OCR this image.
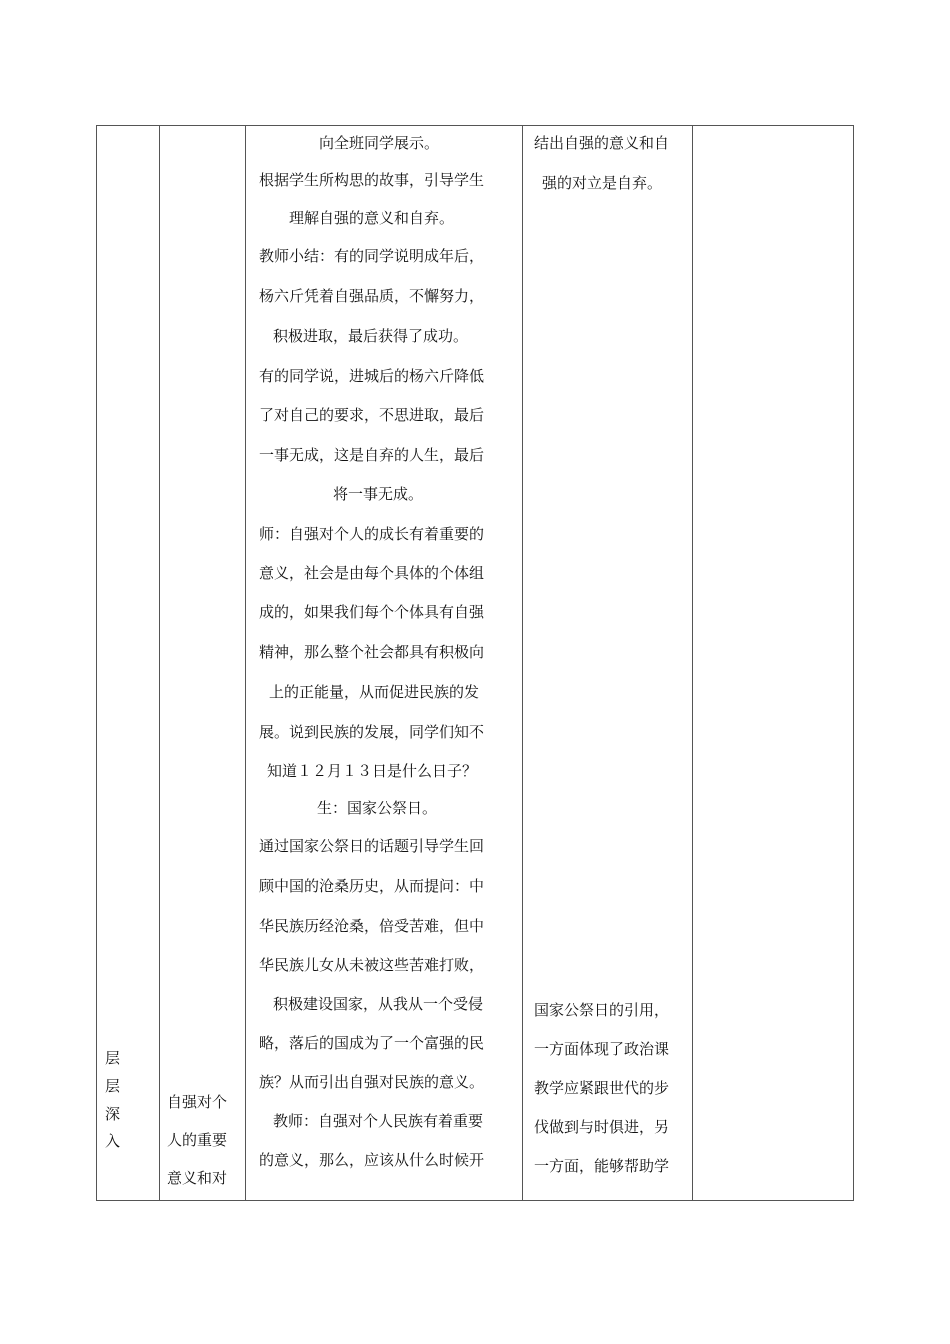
层
层
深
入
自强对个
人的重要
意义和对
向全班同学展示。
根据学生所构思的故事，引导学生
理解自强的意义和自弃。
教师小结：有的同学说明成年后，
杨六斤凭着自强品质，不懈努力，
积极进取，最后获得了成功。
有的同学说，进城后的杨六斤降低
了对自己的要求，不思进取，最后
一事无成，这是自弃的人生，最后
将一事无成。
师：自强对个人的成长有着重要的
意义，社会是由每个具体的个体组
成的，如果我们每个个体具有自强
精神，那么整个社会都具有积极向
上的正能量，从而促进民族的发
展。说到民族的发展，同学们知不
知道１２月１３日是什么日子？
生：国家公祭日。
通过国家公祭日的话题引导学生回
顾中国的沧桑历史，从而提问：中
华民族历经沧桑，倍受苦难，但中
华民族儿女从未被这些苦难打败，
积极建设国家，从我从一个受侵
略，落后的国成为了一个富强的民
族？从而引出自强对民族的意义。
教师：自强对个人民族有着重要
的意义，那么，应该从什么时候开
结出自强的意义和自
强的对立是自弃。
国家公祭日的引用，
一方面体现了政治课
教学应紧跟世代的步
伐做到与时俱进，另
一方面，能够帮助学
